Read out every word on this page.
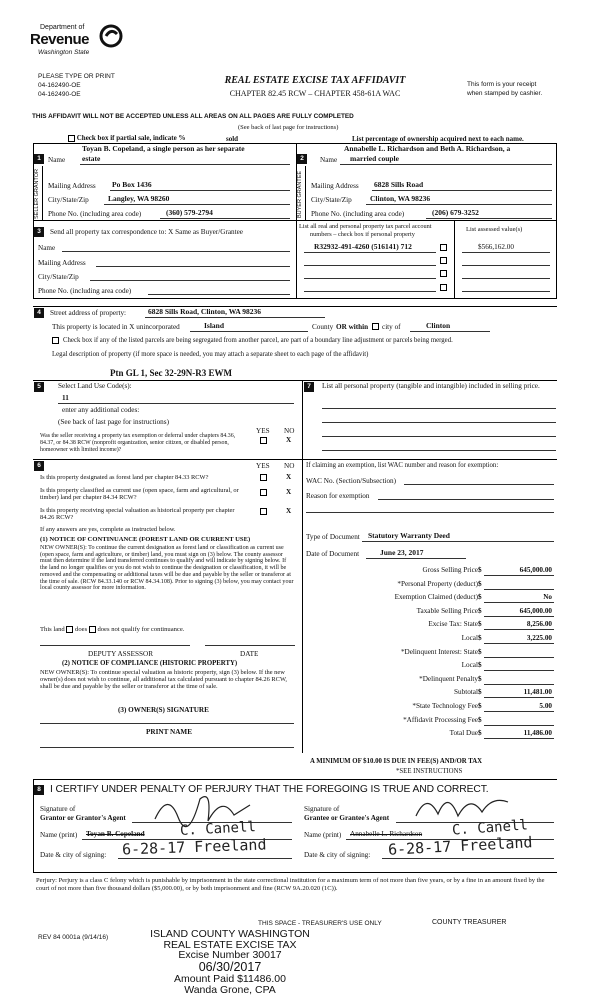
Department of
Revenue
Washington State
PLEASE TYPE OR PRINT
04-162490-OE
04-162490-OE
REAL ESTATE EXCISE TAX AFFIDAVIT
CHAPTER 82.45 RCW – CHAPTER 458-61A WAC
This form is your receipt
when stamped by cashier.
THIS AFFIDAVIT WILL NOT BE ACCEPTED UNLESS ALL AREAS ON ALL PAGES ARE FULLY COMPLETED
(See back of last page for instructions)
Check box if partial sale, indicate %	sold	List percentage of ownership acquired next to each name.
1
SELLER GRANTOR
Name
Toyan B. Copeland, a single person as her separate
estate
Mailing Address Po Box 1436
City/State/Zip	Langley, WA 98260
Phone No. (including area code)	(360) 579-2794
2
BUYER GRANTEE
Name
Annabelle L. Richardson and Beth A. Richardson, a
married couple
Mailing Address 6828 Sills Road
City/State/Zip Clinton, WA 98236
Phone No. (including area code)	(206) 679-3252
3	Send all property tax correspondence to: X Same as Buyer/Grantee
Name
Mailing Address
City/State/Zip
Phone No. (including area code)
List all real and personal property tax parcel account
numbers – check box if personal property
R32932-491-4260 (516141) 712
List assessed value(s)
$566,162.00
4	Street address of property:	6828 Sills Road, Clinton, WA 98236
This property is located in X unincorporated	Island	County OR within city of	Clinton
Check box if any of the listed parcels are being segregated from another parcel, are part of a boundary line adjustment or parcels being merged.
Legal description of property (if more space is needed, you may attach a separate sheet to each page of the affidavit)
Ptn GL 1, Sec 32-29N-R3 EWM
5	Select Land Use Code(s):
11
enter any additional codes:
(See back of last page for instructions)
YES NO
Was the seller receiving a property tax exemption or deferral under chapters 84.36, 84.37, or 84.38 RCW (nonprofit organization, senior citizen, or disabled person, homeowner with limited income)?
X
7	List all personal property (tangible and intangible) included in selling price.
6	YES NO
Is this property designated as forest land per chapter 84.33 RCW?	X
Is this property classified as current use (open space, farm and agricultural, or timber) land per chapter 84.34 RCW?
X
Is this property receiving special valuation as historical property per chapter 84.26 RCW?
X
If any answers are yes, complete as instructed below.
(1) NOTICE OF CONTINUANCE (FOREST LAND OR CURRENT USE)
NEW OWNER(S): To continue the current designation as forest land or classification as current use (open space, farm and agriculture, or timber) land, you must sign on (3) below. The county assessor must then determine if the land transferred continues to qualify and will indicate by signing below. If the land no longer qualifies or you do not wish to continue the designation or classification, it will be removed and the compensating or additional taxes will be due and payable by the seller or transferor at the time of sale. (RCW 84.33.140 or RCW 84.34.108). Prior to signing (3) below, you may contact your local county assessor for more information.
This land does does not qualify for continuance.
DEPUTY ASSESSOR	DATE
(2) NOTICE OF COMPLIANCE (HISTORIC PROPERTY)
NEW OWNER(S): To continue special valuation as historic property, sign (3) below. If the new owner(s) does not wish to continue, all additional tax calculated pursuant to chapter 84.26 RCW, shall be due and payable by the seller or transferor at the time of sale.
(3) OWNER(S) SIGNATURE
PRINT NAME
If claiming an exemption, list WAC number and reason for exemption:
WAC No. (Section/Subsection)
Reason for exemption
Type of Document Statutory Warranty Deed
Date of Document	June 23, 2017
Gross Selling Price $	645,000.00
*Personal Property (deduct) $
Exemption Claimed (deduct) $	No
Taxable Selling Price $	645,000.00
Excise Tax: State $	8,256.00
Local $	3,225.00
*Delinquent Interest: State $
Local $
*Delinquent Penalty $
Subtotal $	11,481.00
*State Technology Fee $	5.00
*Affidavit Processing Fee $
Total Due $	11,486.00
A MINIMUM OF $10.00 IS DUE IN FEE(S) AND/OR TAX
*SEE INSTRUCTIONS
8 I CERTIFY UNDER PENALTY OF PERJURY THAT THE FOREGOING IS TRUE AND CORRECT.
Signature of
Grantor or Grantor's Agent
Name (print) Toyan B. Copeland
Date & city of signing:
C. Canell
6-28-17 Freeland
Signature of
Grantee or Grantee's Agent
Name (print) Annabelle L. Richardson
Date & city of signing:
C. Canell
6-28-17 Freeland
Perjury: Perjury is a class C felony which is punishable by imprisonment in the state correctional institution for a maximum term of not more than five years, or by a fine in an amount fixed by the court of not more than five thousand dollars ($5,000.00), or by both imprisonment and fine (RCW 9A.20.020 (1C)).
REV 84 0001a (9/14/16)
THIS SPACE - TREASURER'S USE ONLY	COUNTY TREASURER
ISLAND COUNTY WASHINGTON
REAL ESTATE EXCISE TAX
Excise Number 30017
06/30/2017
Amount Paid $11486.00
Wanda Grone, CPA
